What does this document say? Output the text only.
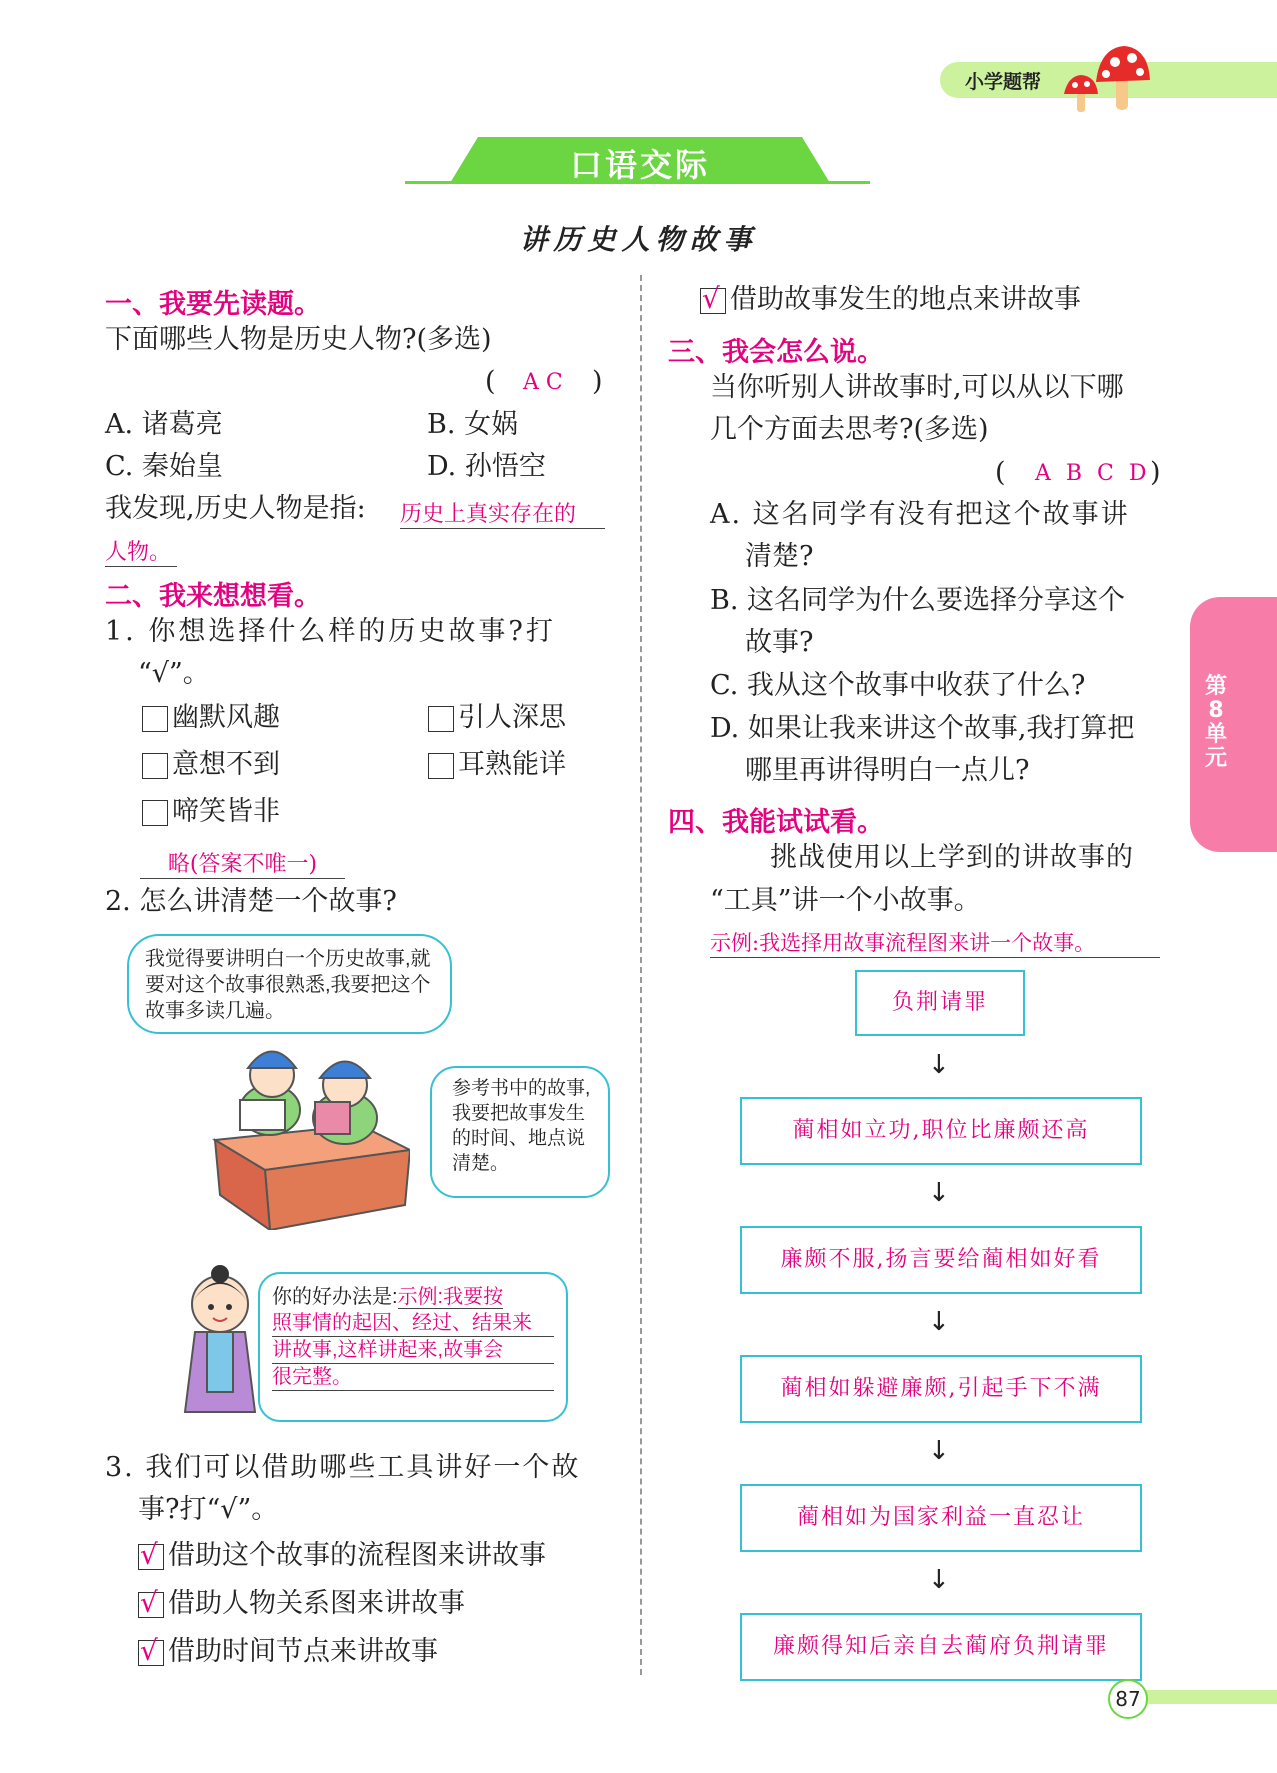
小学题帮
口语交际
讲历史人物故事
一、我要先读题。
下面哪些人物是历史人物?(多选)
( A C )
A. 诸葛亮	B. 女娲
C. 秦始皇	D. 孙悟空
我发现,历史人物是指: 历史上真实存在的
人物。
二、我来想想看。
1. 你想选择什么样的历史故事?打
“√”。
幽默风趣	引人深思
意想不到	耳熟能详
啼笑皆非
略(答案不唯一)
2. 怎么讲清楚一个故事?
我觉得要讲明白一个历史故事,就要对这个故事很熟悉,我要把这个故事多读几遍。
参考书中的故事,我要把故事发生的时间、地点说清楚。
你的好办法是:示例:我要按
照事情的起因、经过、结果来
讲故事,这样讲起来,故事会
很完整。
3. 我们可以借助哪些工具讲好一个故
事?打“√”。
√ 借助这个故事的流程图来讲故事
√ 借助人物关系图来讲故事
√ 借助时间节点来讲故事
√ 借助故事发生的地点来讲故事
三、我会怎么说。
当你听别人讲故事时,可以从以下哪
几个方面去思考?(多选)
( A B C D )
A. 这名同学有没有把这个故事讲
清楚?
B. 这名同学为什么要选择分享这个
故事?
C. 我从这个故事中收获了什么?
D. 如果让我来讲这个故事,我打算把
哪里再讲得明白一点儿?
四、我能试试看。
挑战使用以上学到的讲故事的
“工具”讲一个小故事。
示例:我选择用故事流程图来讲一个故事。
负荆请罪
↓
蔺相如立功,职位比廉颇还高
↓
廉颇不服,扬言要给蔺相如好看
↓
蔺相如躲避廉颇,引起手下不满
↓
蔺相如为国家利益一直忍让
↓
廉颇得知后亲自去蔺府负荆请罪
第
8
单
元
87
